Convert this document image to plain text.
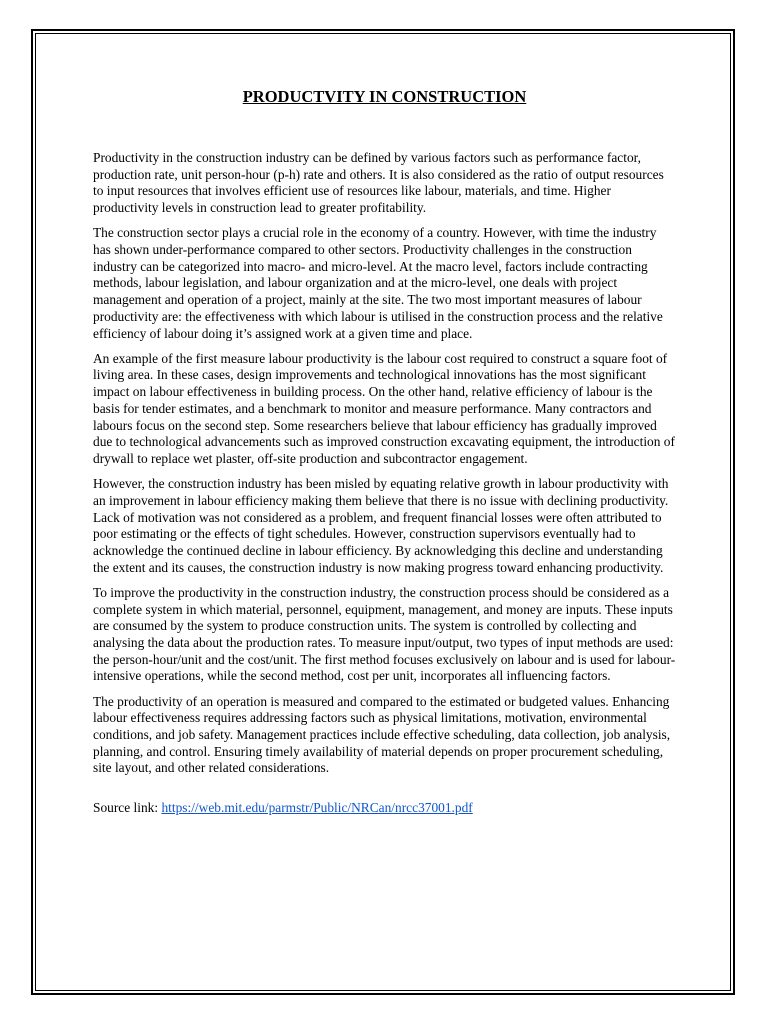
PRODUCTVITY IN CONSTRUCTION

Productivity in the construction industry can be defined by various factors such as performance factor, production rate, unit person-hour (p-h) rate and others. It is also considered as the ratio of output resources to input resources that involves efficient use of resources like labour, materials, and time. Higher productivity levels in construction lead to greater profitability.

The construction sector plays a crucial role in the economy of a country. However, with time the industry has shown under-performance compared to other sectors. Productivity challenges in the construction industry can be categorized into macro- and micro-level. At the macro level, factors include contracting methods, labour legislation, and labour organization and at the micro-level, one deals with project management and operation of a project, mainly at the site. The two most important measures of labour productivity are: the effectiveness with which labour is utilised in the construction process and the relative efficiency of labour doing it’s assigned work at a given time and place.

An example of the first measure labour productivity is the labour cost required to construct a square foot of living area. In these cases, design improvements and technological innovations has the most significant impact on labour effectiveness in building process. On the other hand, relative efficiency of labour is the basis for tender estimates, and a benchmark to monitor and measure performance. Many contractors and labours focus on the second step. Some researchers believe that labour efficiency has gradually improved due to technological advancements such as improved construction excavating equipment, the introduction of drywall to replace wet plaster, off-site production and subcontractor engagement.

However, the construction industry has been misled by equating relative growth in labour productivity with an improvement in labour efficiency making them believe that there is no issue with declining productivity. Lack of motivation was not considered as a problem, and frequent financial losses were often attributed to poor estimating or the effects of tight schedules. However, construction supervisors eventually had to acknowledge the continued decline in labour efficiency. By acknowledging this decline and understanding the extent and its causes, the construction industry is now making progress toward enhancing productivity.

To improve the productivity in the construction industry, the construction process should be considered as a complete system in which material, personnel, equipment, management, and money are inputs. These inputs are consumed by the system to produce construction units. The system is controlled by collecting and analysing the data about the production rates. To measure input/output, two types of input methods are used: the person-hour/unit and the cost/unit. The first method focuses exclusively on labour and is used for labour-intensive operations, while the second method, cost per unit, incorporates all influencing factors.

The productivity of an operation is measured and compared to the estimated or budgeted values. Enhancing labour effectiveness requires addressing factors such as physical limitations, motivation, environmental conditions, and job safety. Management practices include effective scheduling, data collection, job analysis, planning, and control. Ensuring timely availability of material depends on proper procurement scheduling, site layout, and other related considerations.

Source link: https://web.mit.edu/parmstr/Public/NRCan/nrcc37001.pdf
